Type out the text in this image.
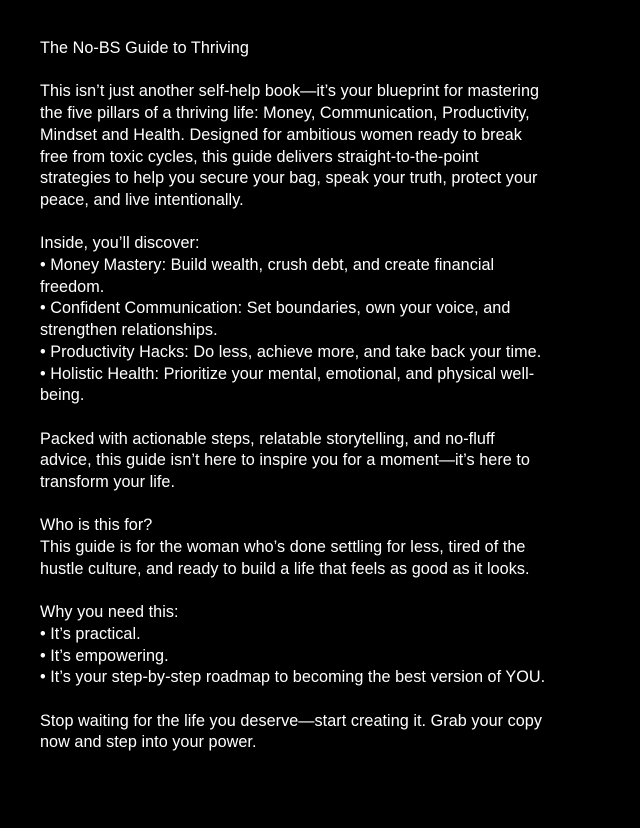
The No-BS Guide to Thriving
This isn’t just another self-help book—it’s your blueprint for mastering
the five pillars of a thriving life: Money, Communication, Productivity,
Mindset and Health. Designed for ambitious women ready to break
free from toxic cycles, this guide delivers straight-to-the-point
strategies to help you secure your bag, speak your truth, protect your
peace, and live intentionally.
Inside, you’ll discover:
• Money Mastery: Build wealth, crush debt, and create financial
freedom.
• Confident Communication: Set boundaries, own your voice, and
strengthen relationships.
• Productivity Hacks: Do less, achieve more, and take back your time.
• Holistic Health: Prioritize your mental, emotional, and physical well-
being.
Packed with actionable steps, relatable storytelling, and no-fluff
advice, this guide isn’t here to inspire you for a moment—it’s here to
transform your life.
Who is this for?
This guide is for the woman who’s done settling for less, tired of the
hustle culture, and ready to build a life that feels as good as it looks.
Why you need this:
• It’s practical.
• It’s empowering.
• It’s your step-by-step roadmap to becoming the best version of YOU.
Stop waiting for the life you deserve—start creating it. Grab your copy
now and step into your power.
